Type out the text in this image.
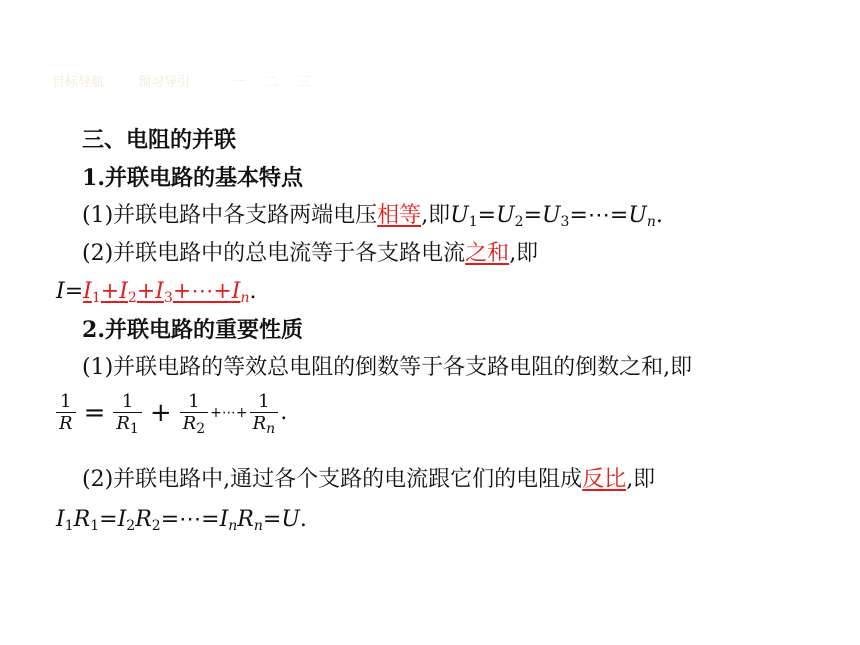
目标导航	预习导引	一 二 三
三、电阻的并联
1.并联电路的基本特点
(1)并联电路中各支路两端电压相等,即$U_1=U_2=U_3=\cdots=U_n$.
(2)并联电路中的总电流等于各支路电流之和,即
$I=I_1+I_2+I_3+\cdots+I_n$.
2.并联电路的重要性质
(1)并联电路的等效总电阻的倒数等于各支路电阻的倒数之和,即
$\frac{1}{R} = \frac{1}{R_1} + \frac{1}{R_2}$ +⋯+ $\frac{1}{R_n}$ .
(2)并联电路中,通过各个支路的电流跟它们的电阻成反比,即
$I_1R_1=I_2R_2=\cdots=I_nR_n=U$.
